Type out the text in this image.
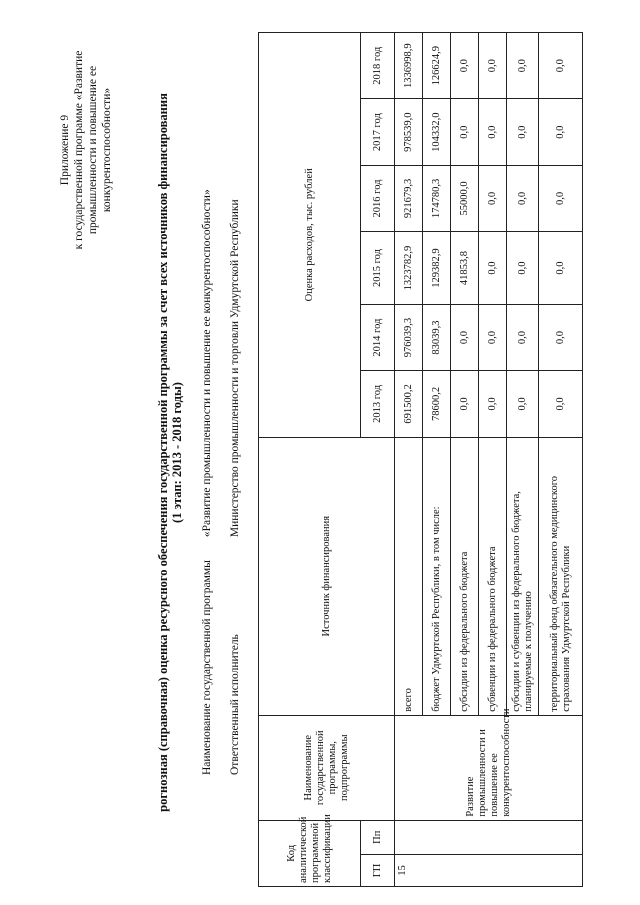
Приложение 9 к государственной программе «Развитие промышленности и повышение ее конкурентоспособности»	рогнозная (справочная) оценка ресурсного обеспечения государственной программы за счет всех источников финансирования (1 этап: 2013 - 2018 годы)
Наименование государственной программы «Развитие промышленности и повышение ее конкурентоспособности»
Ответственный исполнитель Министерство промышленности и торговли Удмуртской Республики
Код аналитической программной классификации		Наименование государственной программы, подпрограммы	Источник финансирования	Оценка расходов, тыс. рублей					
ГП	Пп			2013 год	2014 год	2015 год	2016 год	2017 год	2018 год
15		Развитие промышленности и повышение ее конкурентоспособности	всего	691500,2	976039,3	1323782,9	921679,3	978539,0	1336998,9
			бюджет Удмуртской Республики, в том числе:	78600,2	83039,3	129382,9	174780,3	104332,0	126624,9
			субсидии из федерального бюджета	0,0	0,0	41853,8	55000,0	0,0	0,0
			субвенции из федерального бюджета	0,0	0,0	0,0	0,0	0,0	0,0
			субсидии и субвенции из федерального бюджета, планируемые к получению	0,0	0,0	0,0	0,0	0,0	0,0
			территориальный фонд обязательного медицинского страхования Удмуртской Республики	0,0	0,0	0,0	0,0	0,0	0,0
